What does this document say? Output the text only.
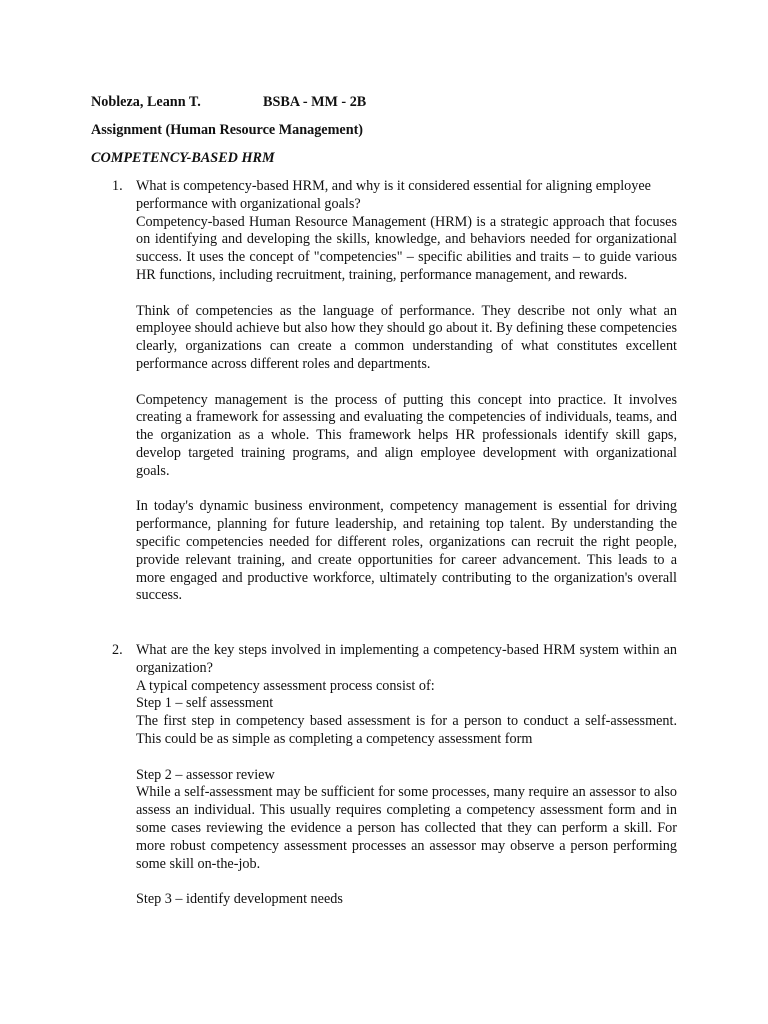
Nobleza, Leann T.	BSBA - MM - 2B
Assignment (Human Resource Management)
COMPETENCY-BASED HRM
1. What is competency-based HRM, and why is it considered essential for aligning employee performance with organizational goals?

Competency-based Human Resource Management (HRM) is a strategic approach that focuses on identifying and developing the skills, knowledge, and behaviors needed for organizational success. It uses the concept of "competencies" – specific abilities and traits – to guide various HR functions, including recruitment, training, performance management, and rewards.

Think of competencies as the language of performance. They describe not only what an employee should achieve but also how they should go about it. By defining these competencies clearly, organizations can create a common understanding of what constitutes excellent performance across different roles and departments.

Competency management is the process of putting this concept into practice. It involves creating a framework for assessing and evaluating the competencies of individuals, teams, and the organization as a whole. This framework helps HR professionals identify skill gaps, develop targeted training programs, and align employee development with organizational goals.

In today's dynamic business environment, competency management is essential for driving performance, planning for future leadership, and retaining top talent. By understanding the specific competencies needed for different roles, organizations can recruit the right people, provide relevant training, and create opportunities for career advancement. This leads to a more engaged and productive workforce, ultimately contributing to the organization's overall success.

2. What are the key steps involved in implementing a competency-based HRM system within an organization?

A typical competency assessment process consist of:

Step 1 – self assessment

The first step in competency based assessment is for a person to conduct a self-assessment. This could be as simple as completing a competency assessment form

Step 2 – assessor review

While a self-assessment may be sufficient for some processes, many require an assessor to also assess an individual. This usually requires completing a competency assessment form and in some cases reviewing the evidence a person has collected that they can perform a skill. For more robust competency assessment processes an assessor may observe a person performing some skill on-the-job.

Step 3 – identify development needs
